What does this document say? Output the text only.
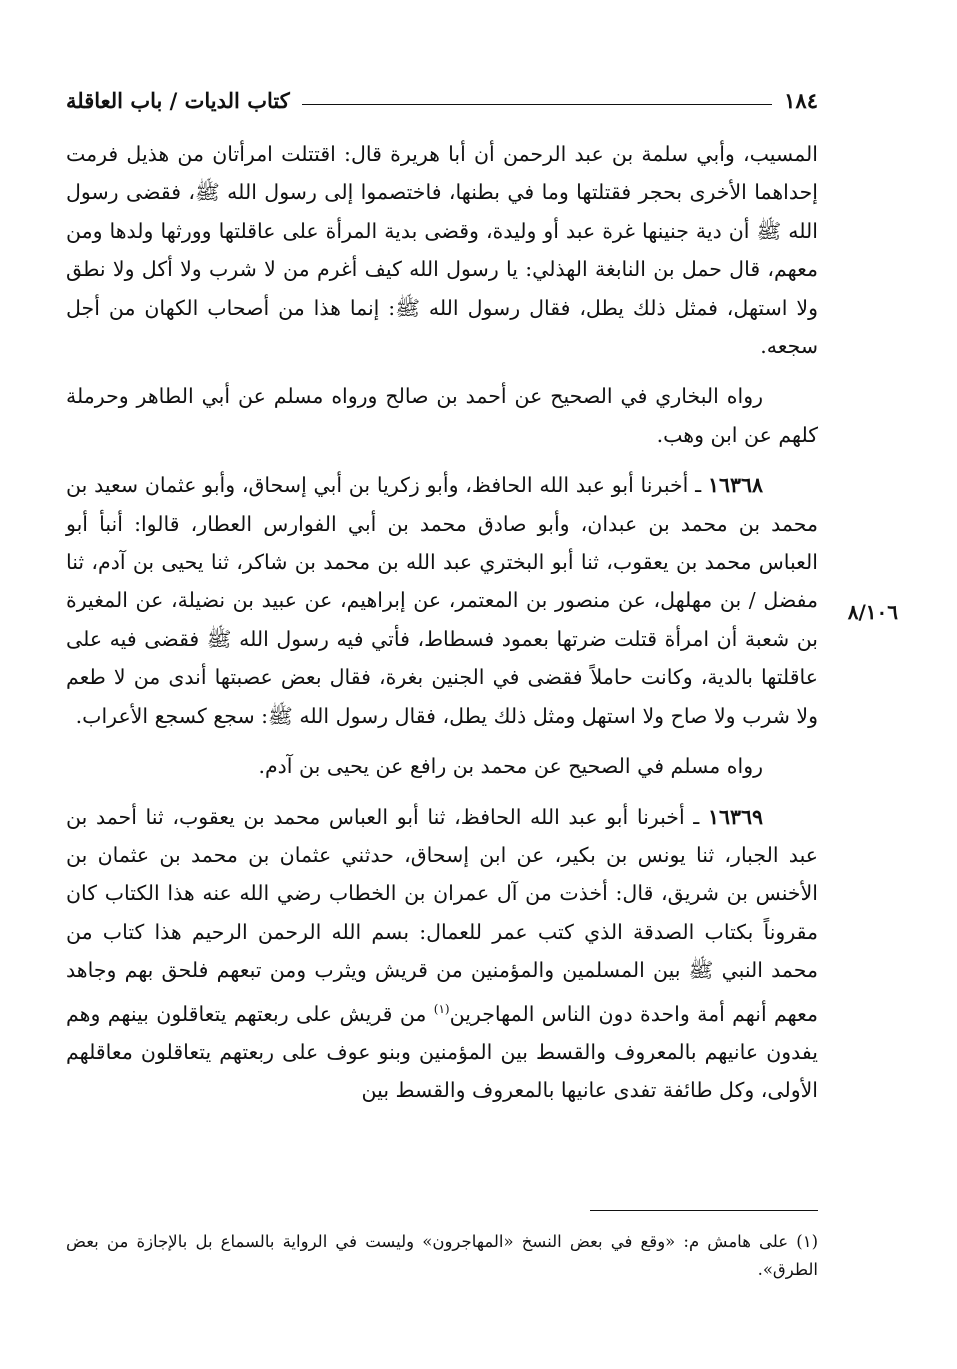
١٨٤
كتاب الديات / باب العاقلة
٨/١٠٦

المسيب، وأبي سلمة بن عبد الرحمن أن أبا هريرة قال: اقتتلت امرأتان من هذيل فرمت إحداهما الأخرى بحجر فقتلتها وما في بطنها، فاختصموا إلى رسول الله ﷺ، فقضى رسول الله ﷺ أن دية جنينها غرة عبد أو وليدة، وقضى بدية المرأة على عاقلتها وورثها ولدها ومن معهم، قال حمل بن النابغة الهذلي: يا رسول الله كيف أغرم من لا شرب ولا أكل ولا نطق ولا استهل، فمثل ذلك يطل، فقال رسول الله ﷺ: إنما هذا من أصحاب الكهان من أجل سجعه.

رواه البخاري في الصحيح عن أحمد بن صالح ورواه مسلم عن أبي الطاهر وحرملة كلهم عن ابن وهب.

١٦٣٦٨ ـ أخبرنا أبو عبد الله الحافظ، وأبو زكريا بن أبي إسحاق، وأبو عثمان سعيد بن محمد بن محمد بن عبدان، وأبو صادق محمد بن أبي الفوارس العطار، قالوا: أنبأ أبو العباس محمد بن يعقوب، ثنا أبو البختري عبد الله بن محمد بن شاكر، ثنا يحيى بن آدم، ثنا مفضل / بن مهلهل، عن منصور بن المعتمر، عن إبراهيم، عن عبيد بن نضيلة، عن المغيرة بن شعبة أن امرأة قتلت ضرتها بعمود فسطاط، فأتي فيه رسول الله ﷺ فقضى فيه على عاقلتها بالدية، وكانت حاملاً فقضى في الجنين بغرة، فقال بعض عصبتها أندى من لا طعم ولا شرب ولا صاح ولا استهل ومثل ذلك يطل، فقال رسول الله ﷺ: سجع كسجع الأعراب.

رواه مسلم في الصحيح عن محمد بن رافع عن يحيى بن آدم.

١٦٣٦٩ ـ أخبرنا أبو عبد الله الحافظ، ثنا أبو العباس محمد بن يعقوب، ثنا أحمد بن عبد الجبار، ثنا يونس بن بكير، عن ابن إسحاق، حدثني عثمان بن محمد بن عثمان بن الأخنس بن شريق، قال: أخذت من آل عمران بن الخطاب رضي الله عنه هذا الكتاب كان مقروناً بكتاب الصدقة الذي كتب عمر للعمال: بسم الله الرحمن الرحيم هذا كتاب من محمد النبي ﷺ بين المسلمين والمؤمنين من قريش ويثرب ومن تبعهم فلحق بهم وجاهد معهم أنهم أمة واحدة دون الناس المهاجرين$^{(١)}$ من قريش على ربعتهم يتعاقلون بينهم وهم يفدون عانيهم بالمعروف والقسط بين المؤمنين وبنو عوف على ربعتهم يتعاقلون معاقلهم الأولى، وكل طائفة تفدى عانيها بالمعروف والقسط بين

(١) على هامش م: «وقع في بعض النسخ «المهاجرون» وليست في الرواية بالسماع بل بالإجازة من بعض الطرق».
